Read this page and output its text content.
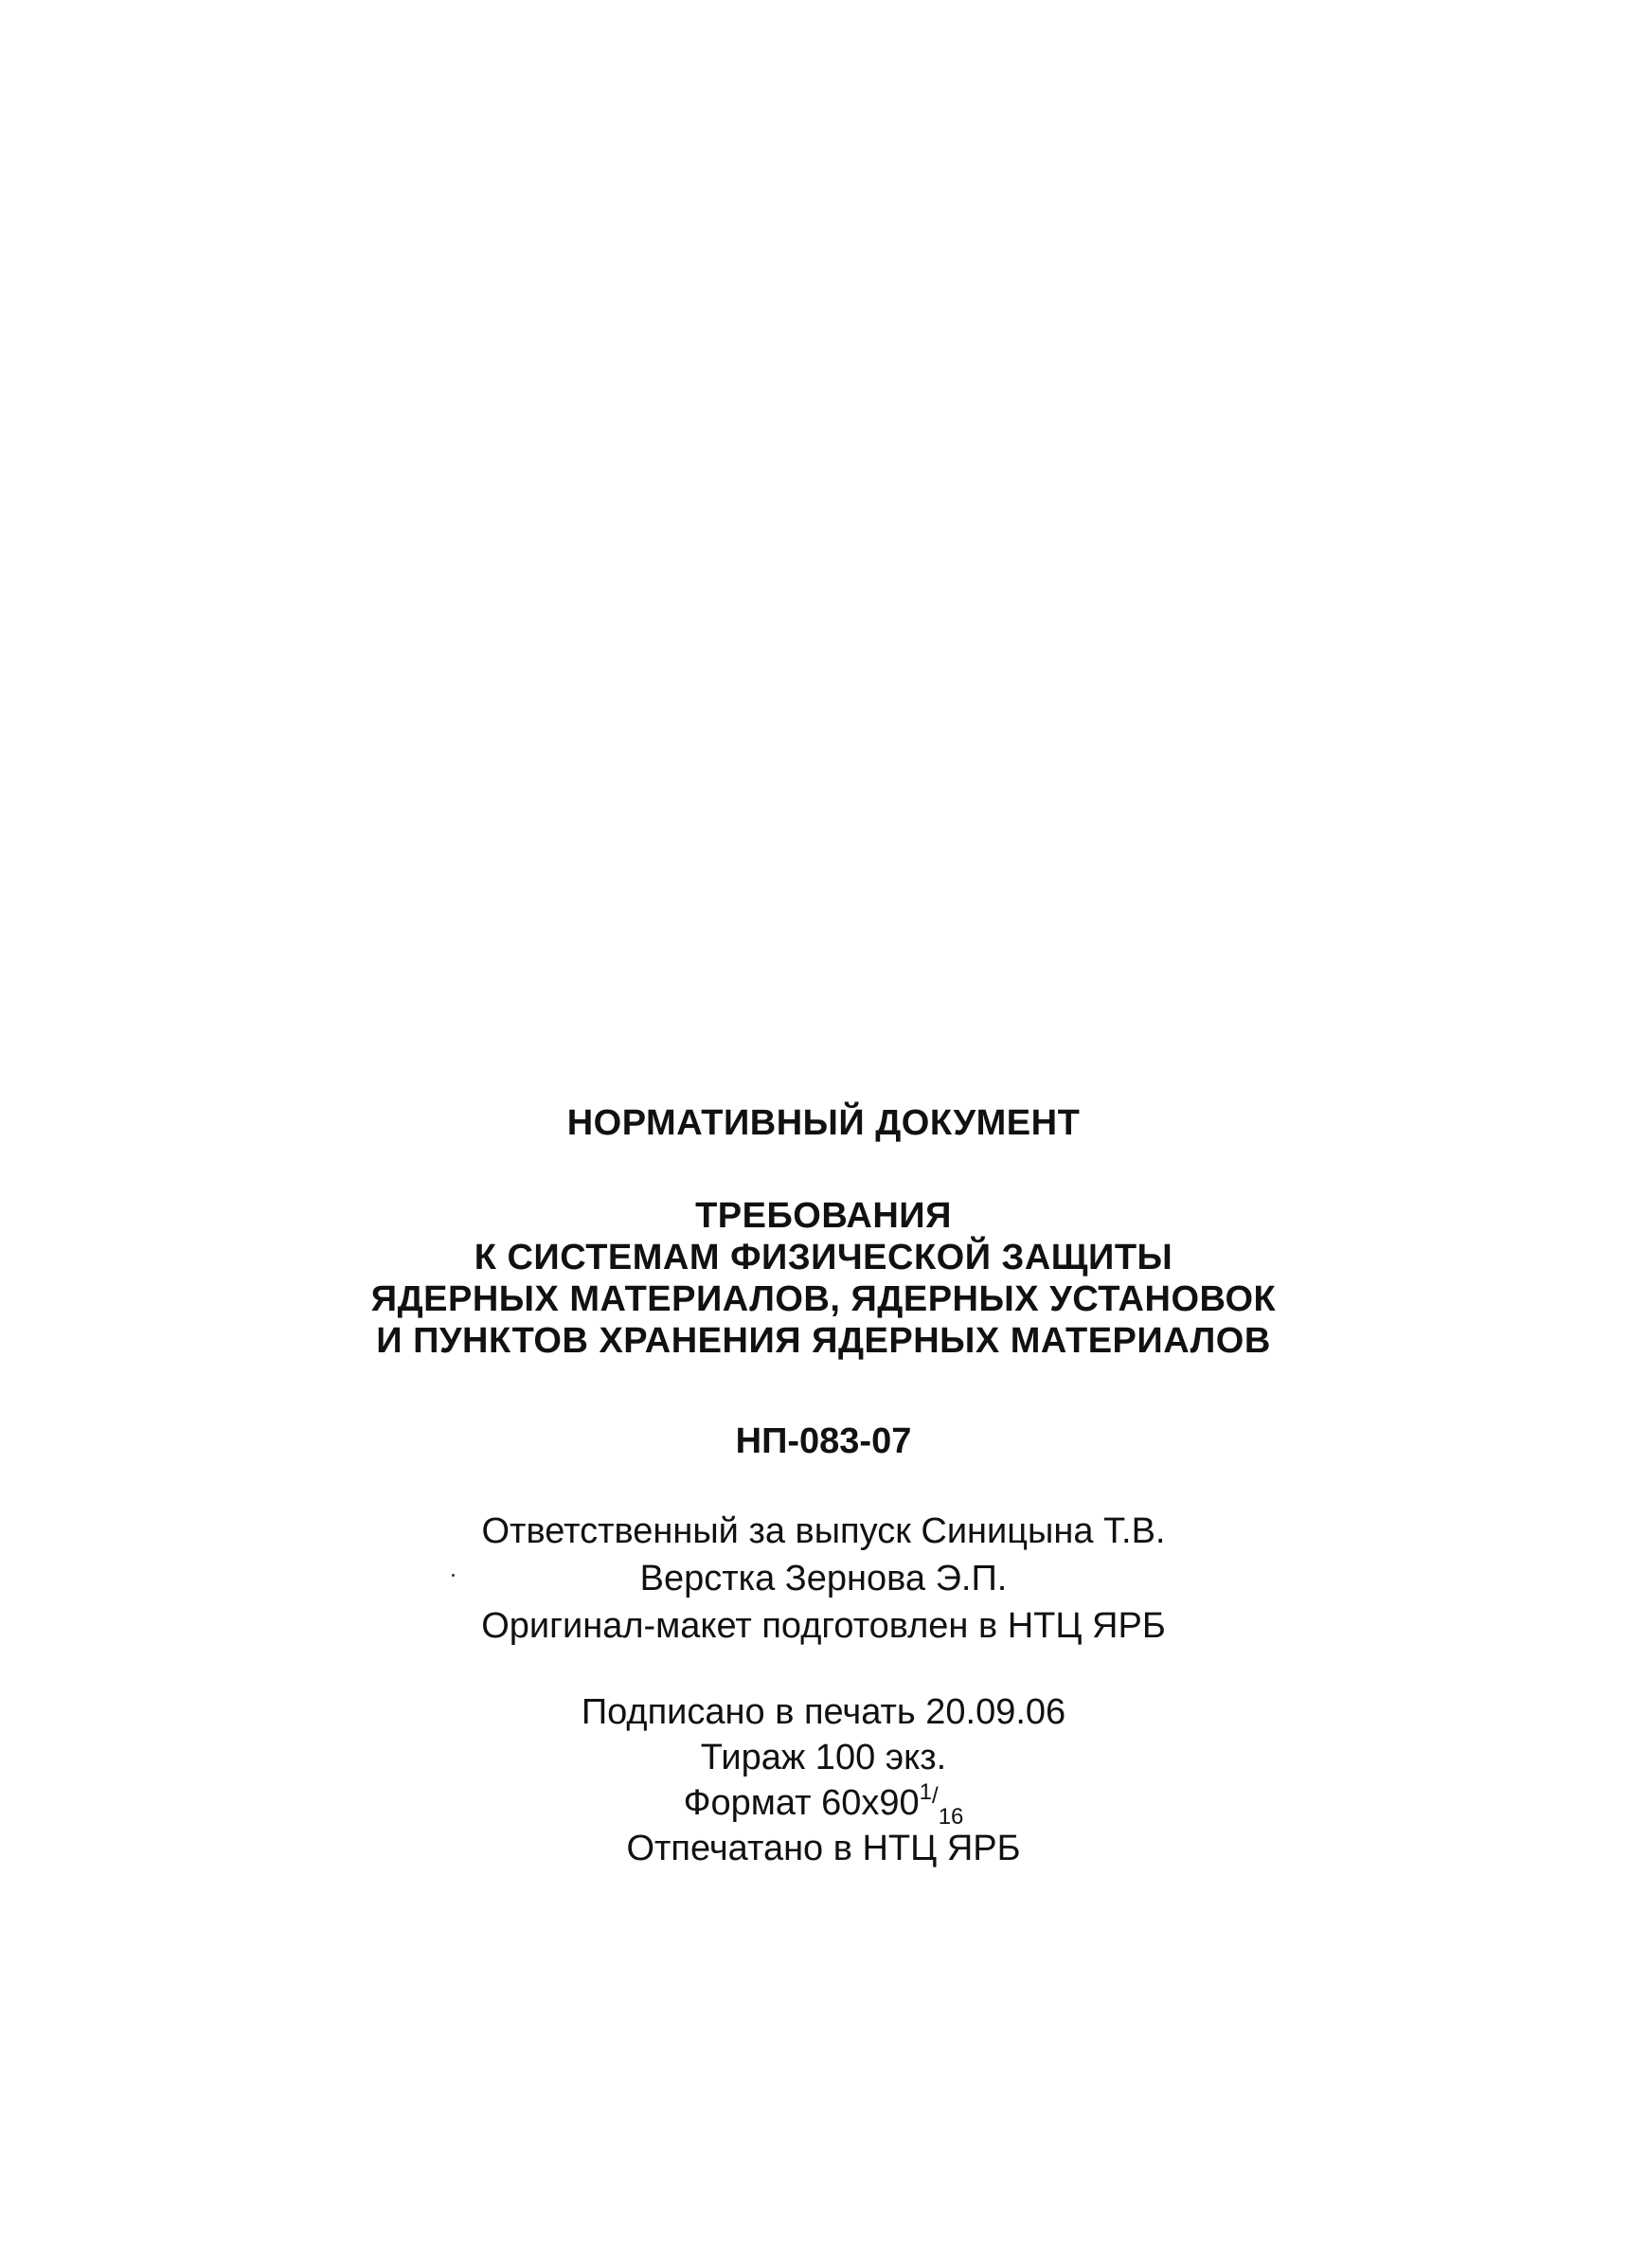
НОРМАТИВНЫЙ ДОКУМЕНТ
ТРЕБОВАНИЯ
К СИСТЕМАМ ФИЗИЧЕСКОЙ ЗАЩИТЫ
ЯДЕРНЫХ МАТЕРИАЛОВ, ЯДЕРНЫХ УСТАНОВОК
И ПУНКТОВ ХРАНЕНИЯ ЯДЕРНЫХ МАТЕРИАЛОВ
НП-083-07
Ответственный за выпуск Синицына Т.В.
Верстка Зернова Э.П.
Оригинал-макет подготовлен в НТЦ ЯРБ
Подписано в печать 20.09.06
Тираж 100 экз.
Формат $60x90^{1/}_{16}$
Отпечатано в НТЦ ЯРБ
